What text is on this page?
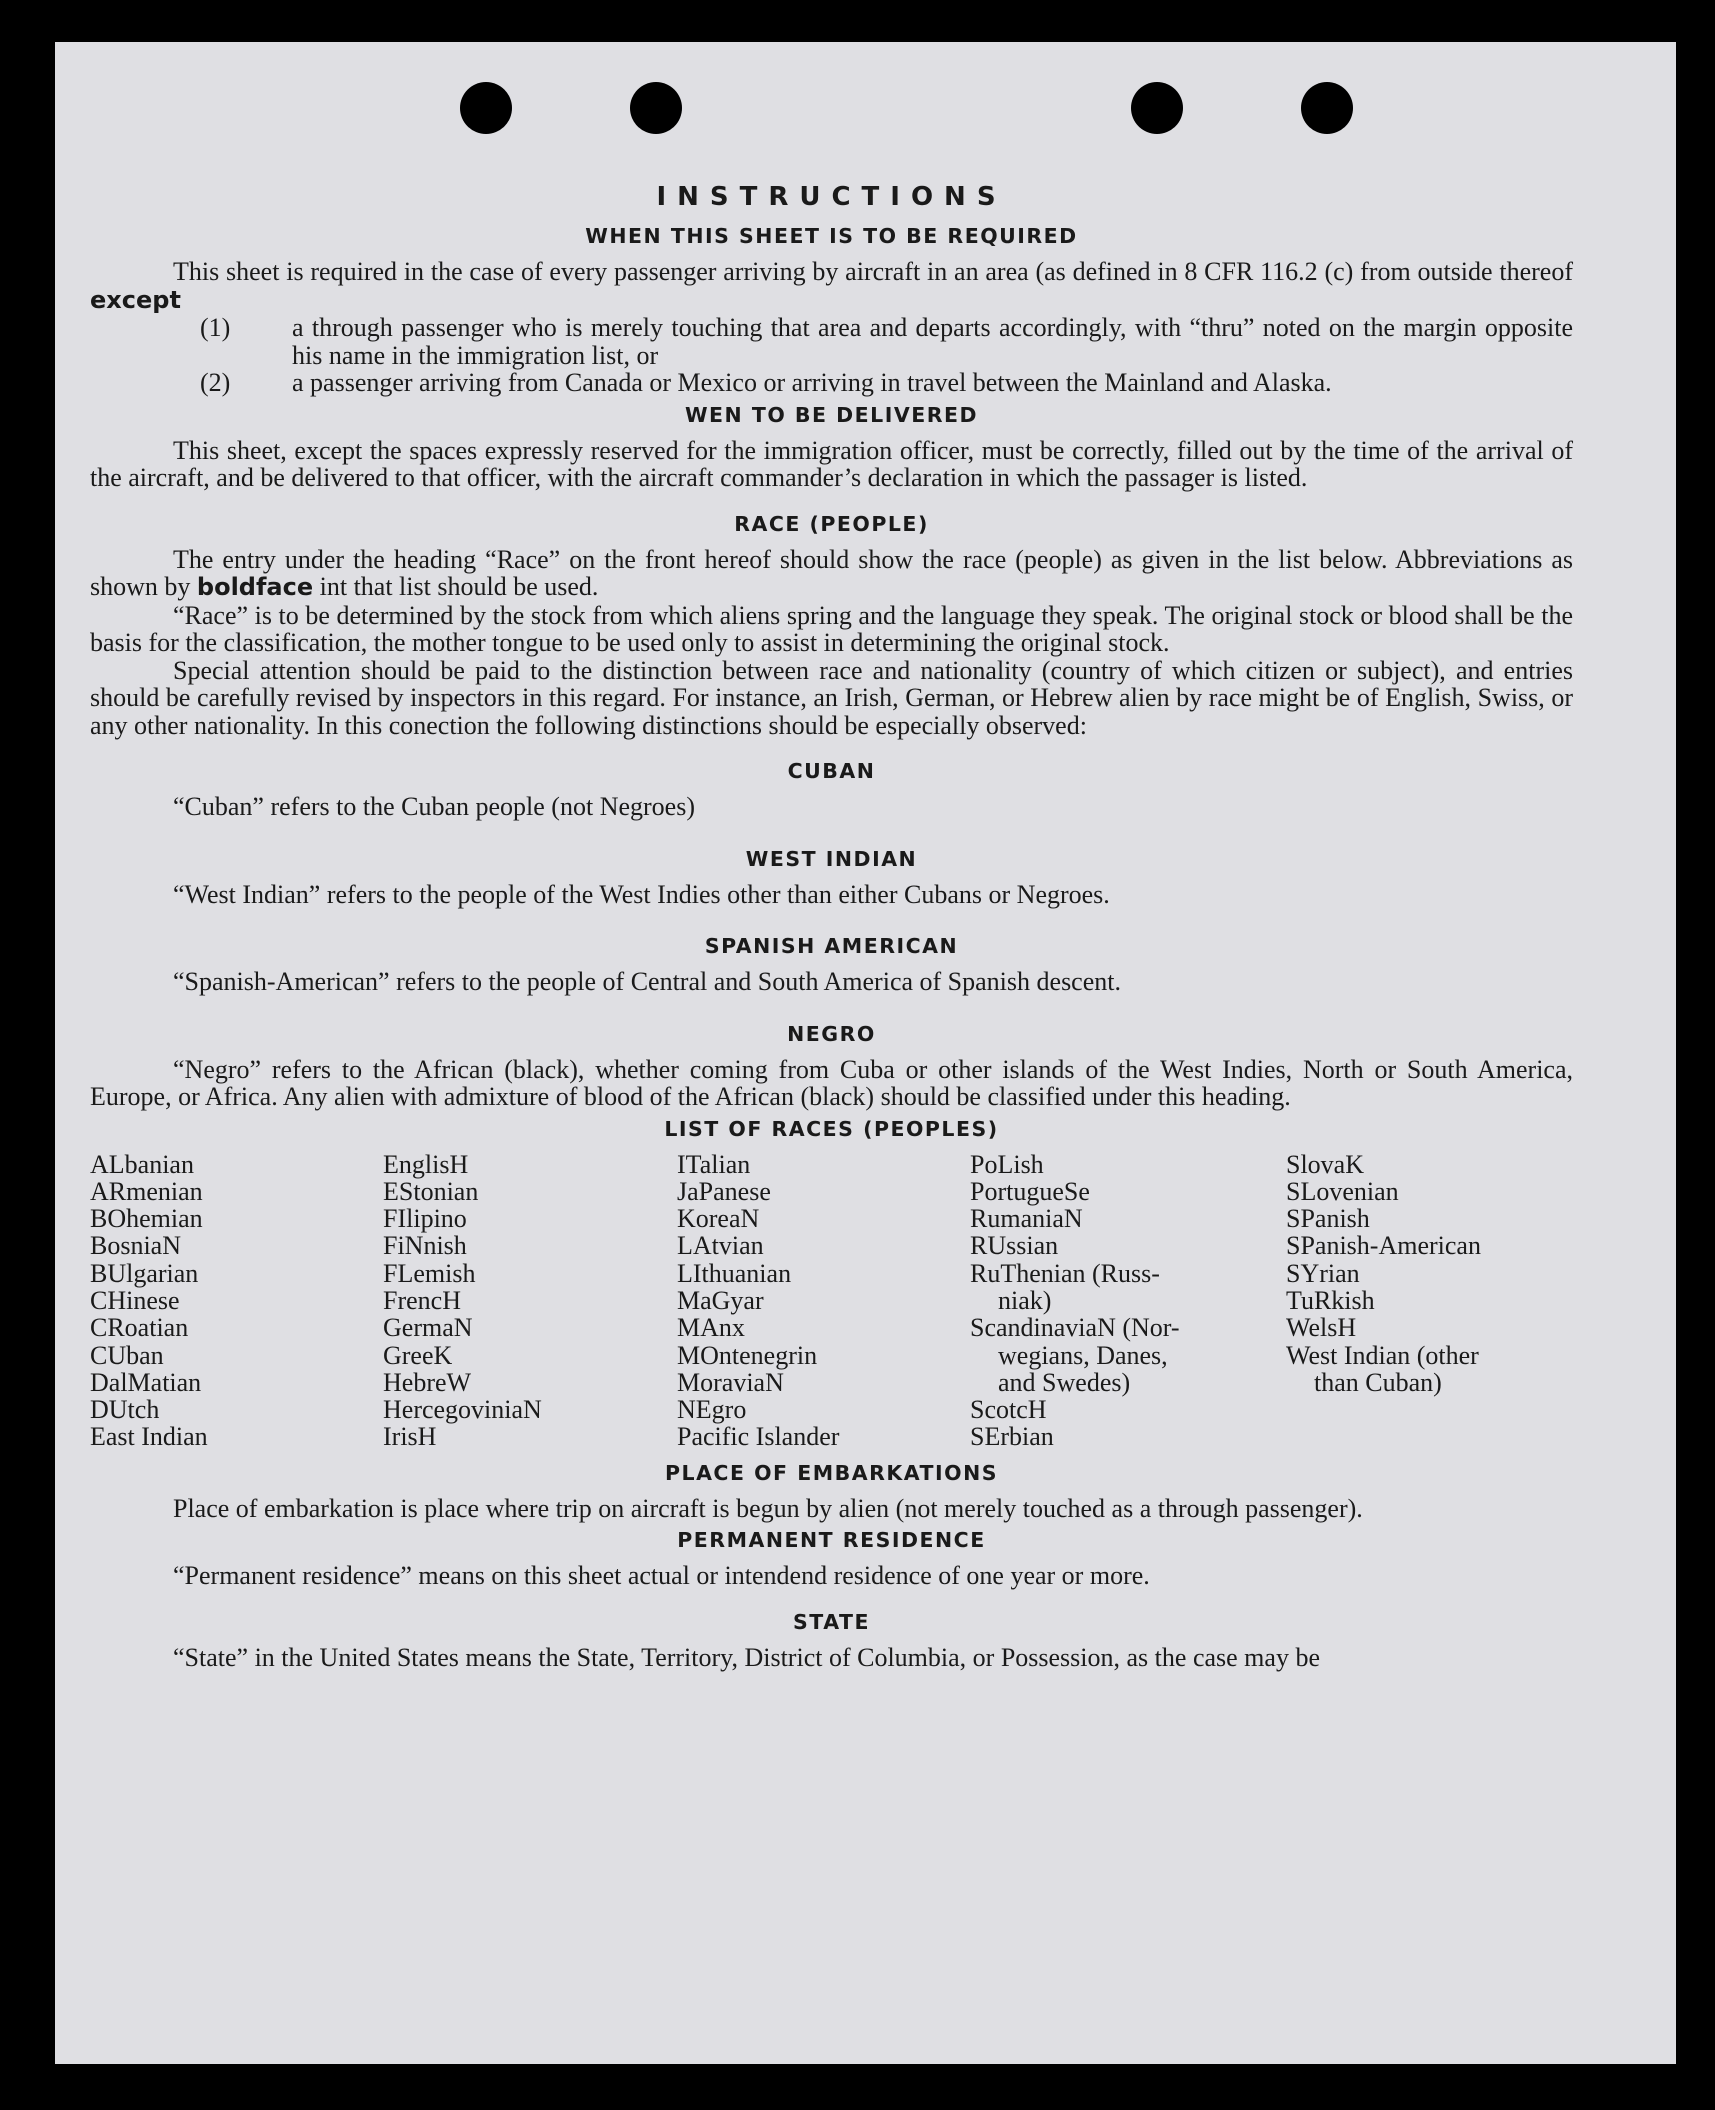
INSTRUCTIONS
WHEN THIS SHEET IS TO BE REQUIRED

This sheet is required in the case of every passenger arriving by aircraft in an area (as defined in 8 CFR 116.2 (c) from outside thereof except

(1) a through passenger who is merely touching that area and departs accordingly, with “thru” noted on the margin opposite his name in the immigration list, or
(2) a passenger arriving from Canada or Mexico or arriving in travel between the Mainland and Alaska.
WEN TO BE DELIVERED

This sheet, except the spaces expressly reserved for the immigration officer, must be correctly, filled out by the time of the arrival of the aircraft, and be delivered to that officer, with the aircraft commander’s declaration in which the passager is listed.

RACE (PEOPLE)

The entry under the heading “Race” on the front hereof should show the race (people) as given in the list below. Abbreviations as shown by boldface int that list should be used.

“Race” is to be determined by the stock from which aliens spring and the language they speak. The original stock or blood shall be the basis for the classification, the mother tongue to be used only to assist in determining the original stock.

Special attention should be paid to the distinction between race and nationality (country of which citizen or subject), and entries should be carefully revised by inspectors in this regard. For instance, an Irish, German, or Hebrew alien by race might be of English, Swiss, or any other nationality. In this conection the following distinctions should be especially observed:

CUBAN

“Cuban” refers to the Cuban people (not Negroes)

WEST INDIAN

“West Indian” refers to the people of the West Indies other than either Cubans or Negroes.

SPANISH AMERICAN

“Spanish-American” refers to the people of Central and South America of Spanish descent.

NEGRO

“Negro” refers to the African (black), whether coming from Cuba or other islands of the West Indies, North or South America, Europe, or Africa. Any alien with admixture of blood of the African (black) should be classified under this heading.

LIST OF RACES (PEOPLES)
ALbanian
ARmenian
BOhemian
BosniaN
BUlgarian
CHinese
CRoatian
CUban
DalMatian
DUtch
East Indian
EnglisH
EStonian
FIlipino
FiNnish
FLemish
FrencH
GermaN
GreeK
HebreW
HercegoviniaN
IrisH
ITalian
JaPanese
KoreaN
LAtvian
LIthuanian
MaGyar
MAnx
MOntenegrin
MoraviaN
NEgro
Pacific Islander
PoLish
PortugueSe
RumaniaN
RUssian
RuThenian (Russ-
niak)
ScandinaviaN (Nor-
wegians, Danes,
and Swedes)
ScotcH
SErbian
SlovaK
SLovenian
SPanish
SPanish-American
SYrian
TuRkish
WelsH
West Indian (other
than Cuban)
PLACE OF EMBARKATIONS

Place of embarkation is place where trip on aircraft is begun by alien (not merely touched as a through passenger).

PERMANENT RESIDENCE

“Permanent residence” means on this sheet actual or intendend residence of one year or more.

STATE

“State” in the United States means the State, Territory, District of Columbia, or Possession, as the case may be
